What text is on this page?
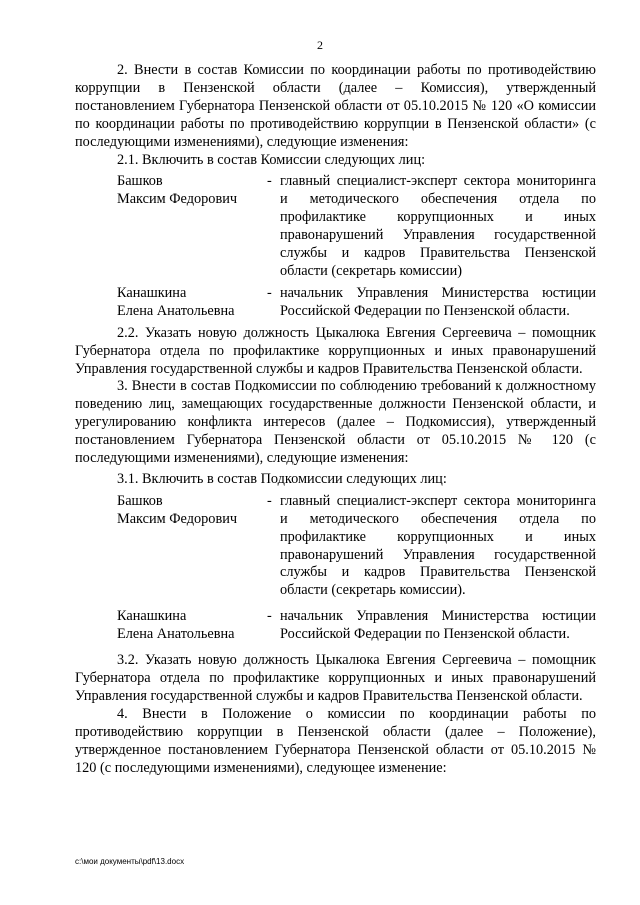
2
2. Внести в состав Комиссии по координации работы по противодействию коррупции в Пензенской области (далее – Комиссия), утвержденный постановлением Губернатора Пензенской области от 05.10.2015 № 120 «О комиссии по координации работы по противодействию коррупции в Пензенской области» (с последующими изменениями), следующие изменения:
2.1. Включить в состав Комиссии следующих лиц:
Башков
Максим Федорович
- главный специалист-эксперт сектора мониторинга и методического обеспечения отдела по профилактике коррупционных и иных правонарушений Управления государственной службы и кадров Правительства Пензенской области (секретарь комиссии)
Канашкина
Елена Анатольевна
- начальник Управления Министерства юстиции Российской Федерации по Пензенской области.
2.2. Указать новую должность Цыкалюка Евгения Сергеевича – помощник Губернатора отдела по профилактике коррупционных и иных правонарушений Управления государственной службы и кадров Правительства Пензенской области.
3. Внести в состав Подкомиссии по соблюдению требований к должностному поведению лиц, замещающих государственные должности Пензенской области, и урегулированию конфликта интересов (далее – Подкомиссия), утвержденный постановлением Губернатора Пензенской области от 05.10.2015 № 120 (с последующими изменениями), следующие изменения:
3.1. Включить в состав Подкомиссии следующих лиц:
Башков
Максим Федорович
- главный специалист-эксперт сектора мониторинга и методического обеспечения отдела по профилактике коррупционных и иных правонарушений Управления государственной службы и кадров Правительства Пензенской области (секретарь комиссии).
Канашкина
Елена Анатольевна
- начальник Управления Министерства юстиции Российской Федерации по Пензенской области.
3.2. Указать новую должность Цыкалюка Евгения Сергеевича – помощник Губернатора отдела по профилактике коррупционных и иных правонарушений Управления государственной службы и кадров Правительства Пензенской области.
4. Внести в Положение о комиссии по координации работы по противодействию коррупции в Пензенской области (далее – Положение), утвержденное постановлением Губернатора Пензенской области от 05.10.2015 № 120 (с последующими изменениями), следующее изменение:
c:\мои документы\pdf\13.docx
